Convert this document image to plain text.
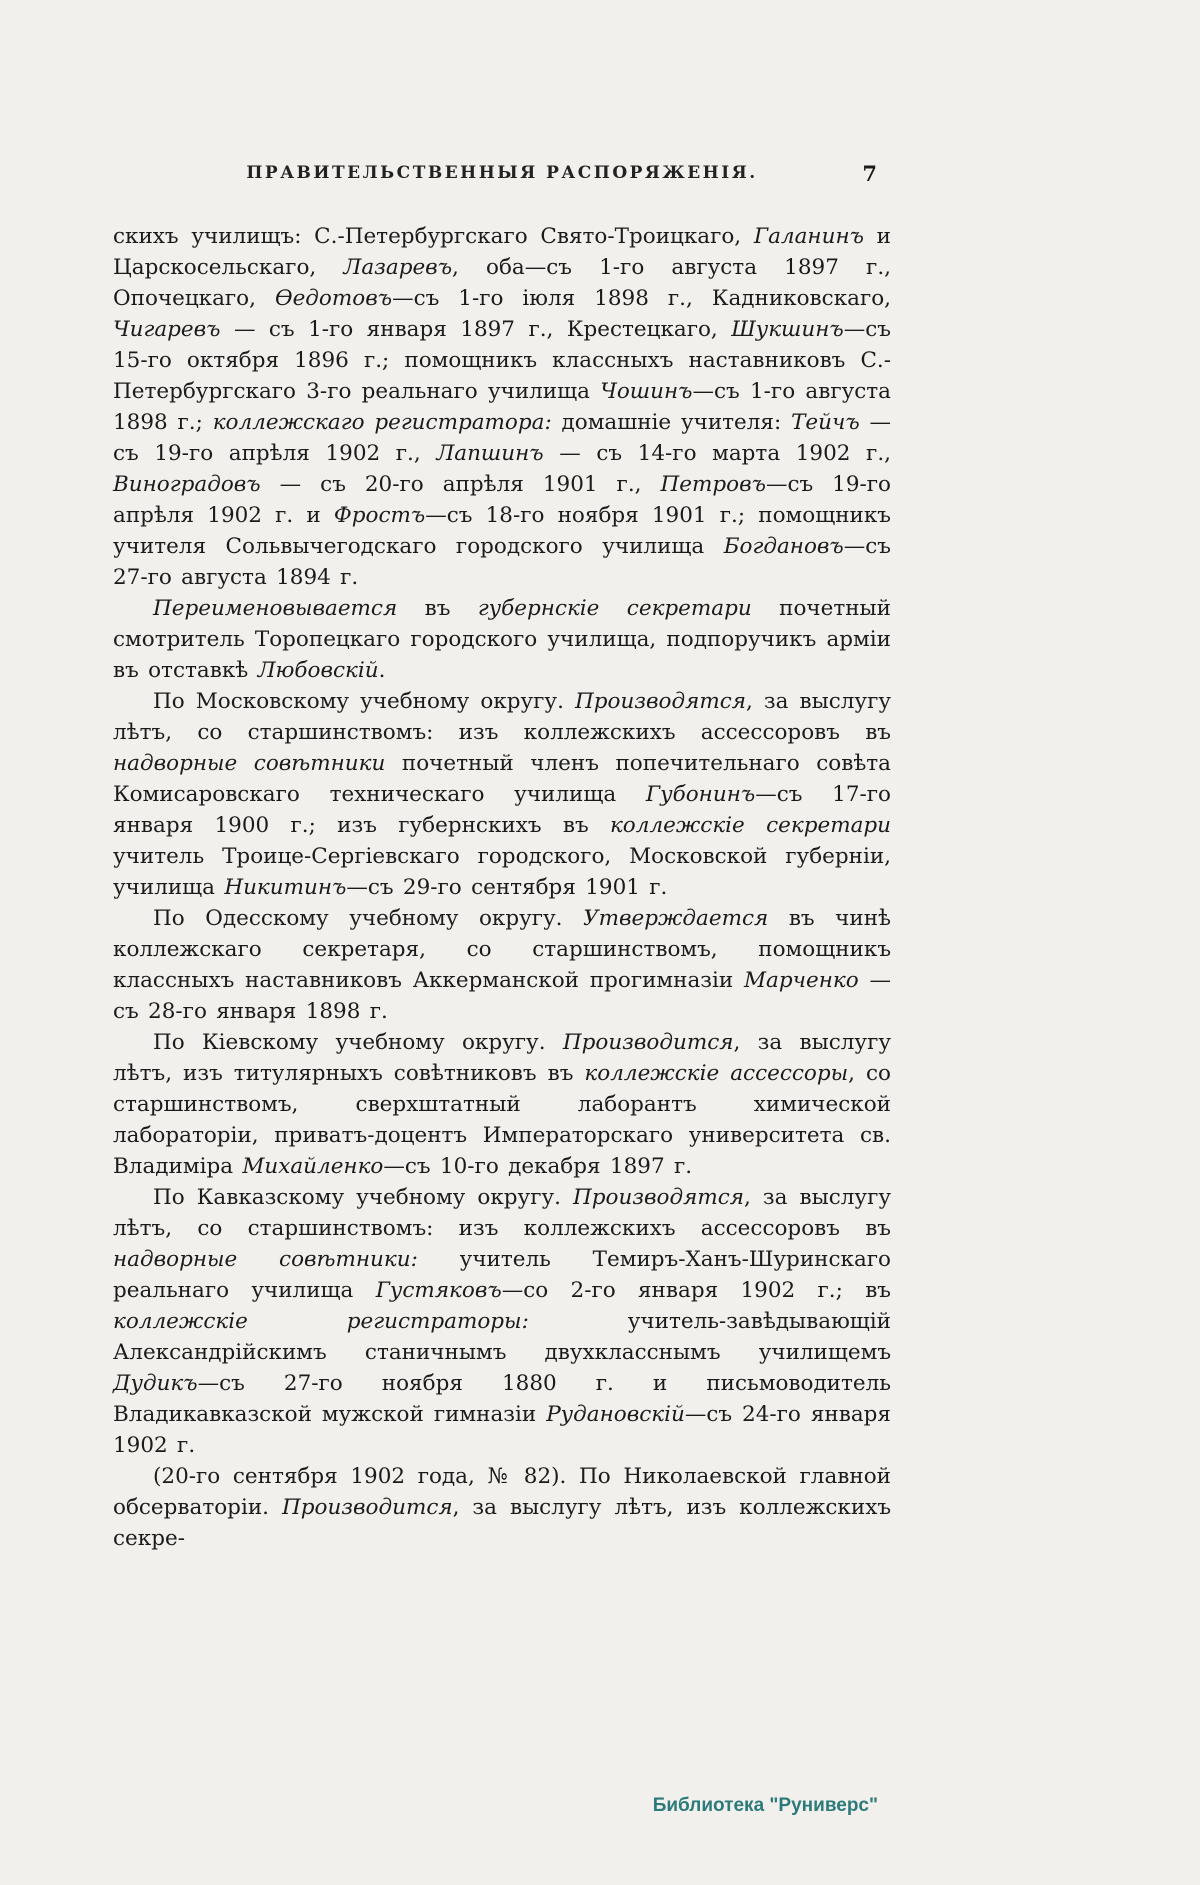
ПРАВИТЕЛЬСТВЕННЫЯ РАСПОРЯЖЕНІЯ.	7

скихъ училищъ: С.-Петербургскаго Свято-Троицкаго, Галанинъ и Царскосельскаго, Лазаревъ, оба—съ 1-го августа 1897 г., Опочецкаго, Ѳедотовъ—съ 1-го іюля 1898 г., Кадниковскаго, Чигаревъ — съ 1-го января 1897 г., Крестецкаго, Шукшинъ—съ 15-го октября 1896 г.; помощникъ классныхъ наставниковъ С.-Петербургскаго 3-го реальнаго училища Чошинъ—съ 1-го августа 1898 г.; коллежскаго регистратора: домашніе учителя: Тейчъ — съ 19-го апрѣля 1902 г., Лапшинъ — съ 14-го марта 1902 г., Виноградовъ — съ 20-го апрѣля 1901 г., Петровъ—съ 19-го апрѣля 1902 г. и Фростъ—съ 18-го ноября 1901 г.; помощникъ учителя Сольвычегодскаго городского училища Богдановъ—съ 27-го августа 1894 г.

Переименовывается въ губернскіе секретари почетный смотритель Торопецкаго городского училища, подпоручикъ арміи въ отставкѣ Любовскій.

По Московскому учебному округу. Производятся, за выслугу лѣтъ, со старшинствомъ: изъ коллежскихъ ассессоровъ въ надворные совѣтники почетный членъ попечительнаго совѣта Комисаровскаго техническаго училища Губонинъ—съ 17-го января 1900 г.; изъ губернскихъ въ коллежскіе секретари учитель Троице-Сергіевскаго городского, Московской губерніи, училища Никитинъ—съ 29-го сентября 1901 г.

По Одесскому учебному округу. Утверждается въ чинѣ коллежскаго секретаря, со старшинствомъ, помощникъ классныхъ наставниковъ Аккерманской прогимназіи Марченко — съ 28-го января 1898 г.

По Кіевскому учебному округу. Производится, за выслугу лѣтъ, изъ титулярныхъ совѣтниковъ въ коллежскіе ассессоры, со старшинствомъ, сверхштатный лаборантъ химической лабораторіи, приватъ-доцентъ Императорскаго университета св. Владиміра Михайленко—съ 10-го декабря 1897 г.

По Кавказскому учебному округу. Производятся, за выслугу лѣтъ, со старшинствомъ: изъ коллежскихъ ассессоровъ въ надворные совѣтники: учитель Темиръ-Ханъ-Шуринскаго реальнаго училища Густяковъ—со 2-го января 1902 г.; въ коллежскіе регистраторы: учитель-завѣдывающій Александрійскимъ станичнымъ двухкласснымъ училищемъ Дудикъ—съ 27-го ноября 1880 г. и письмоводитель Владикавказской мужской гимназіи Рудановскій—съ 24-го января 1902 г.

(20-го сентября 1902 года, № 82). По Николаевской главной обсерваторіи. Производится, за выслугу лѣтъ, изъ коллежскихъ секре-

Библиотека "Руниверс"
